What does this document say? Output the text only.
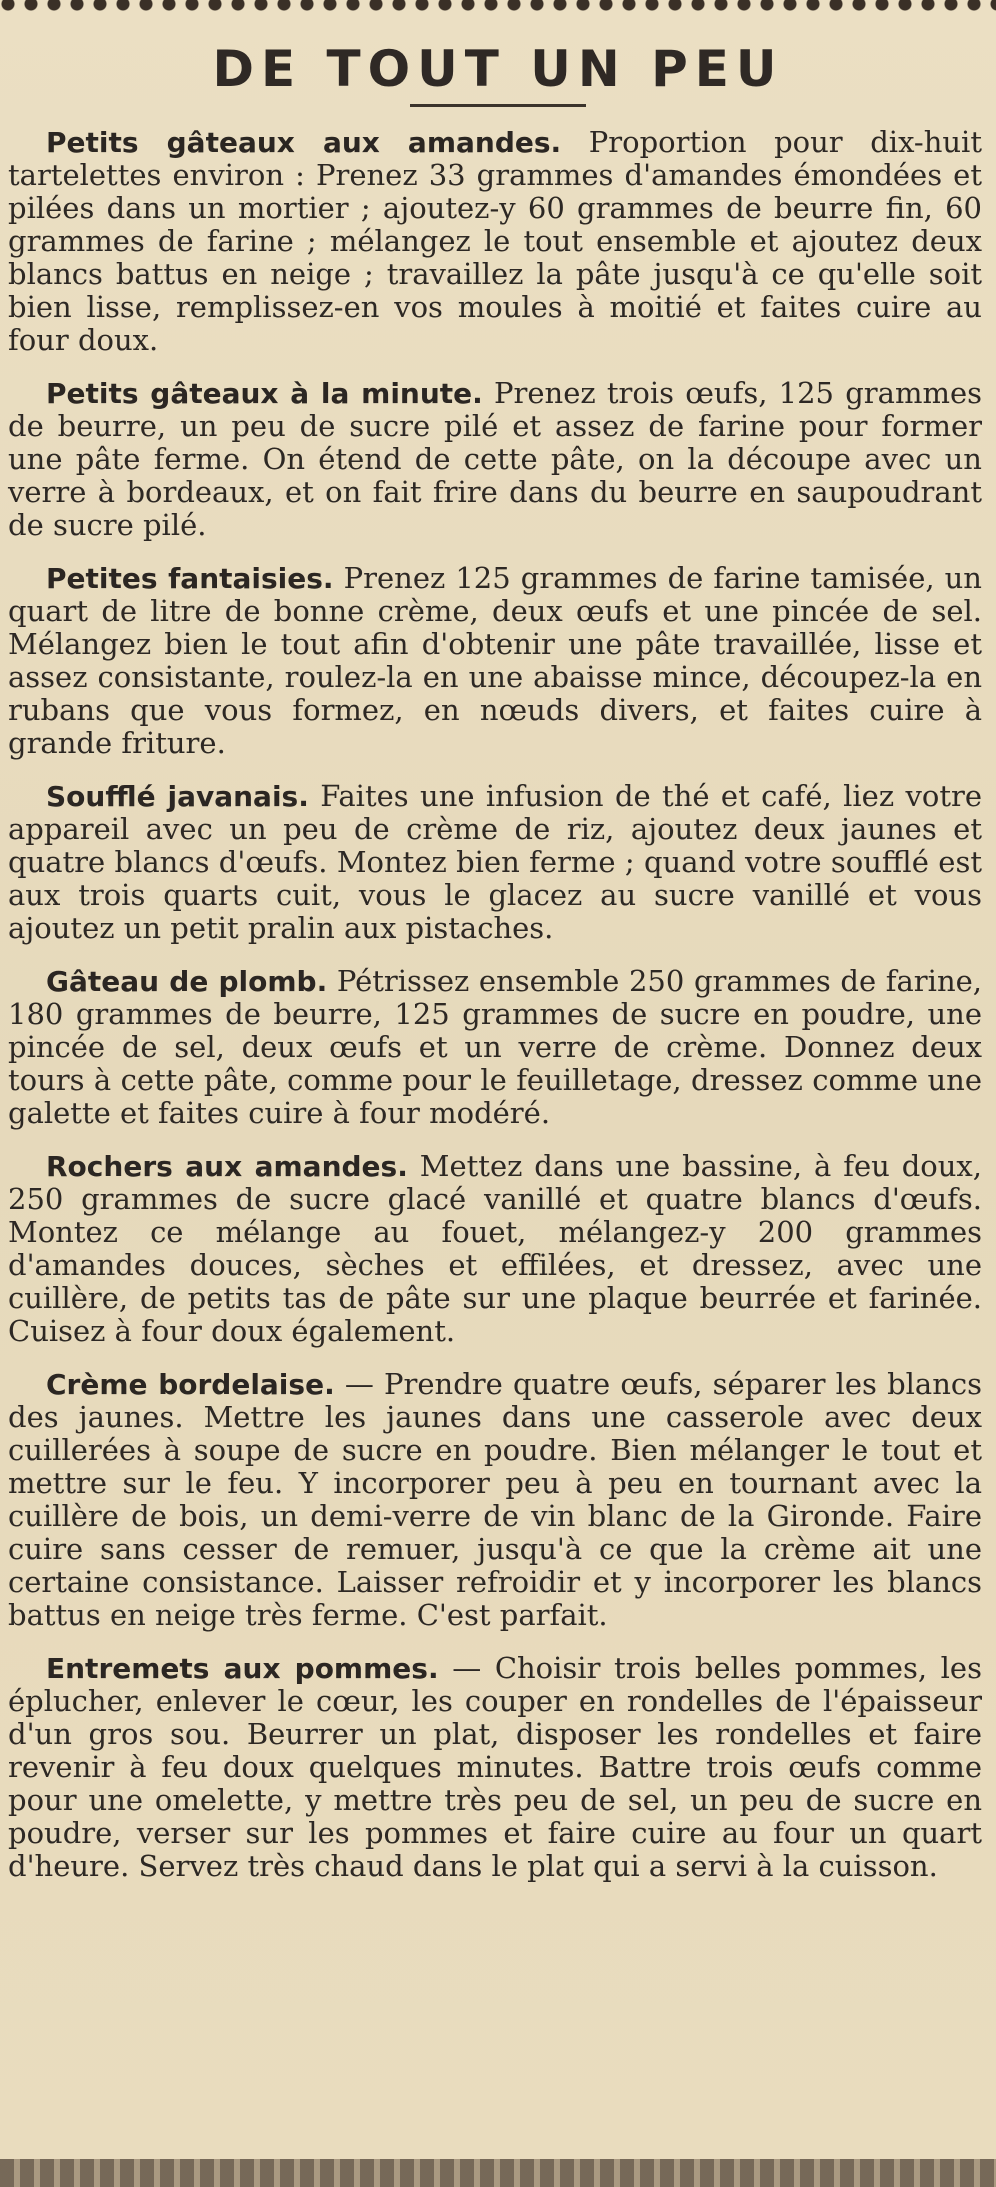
DE TOUT UN PEU

Petits gâteaux aux amandes. Proportion pour dix-huit tartelettes environ : Prenez 33 grammes d'amandes émondées et pilées dans un mortier ; ajoutez-y 60 grammes de beurre fin, 60 grammes de farine ; mélangez le tout ensemble et ajoutez deux blancs battus en neige ; travaillez la pâte jusqu'à ce qu'elle soit bien lisse, remplissez-en vos moules à moitié et faites cuire au four doux.

Petits gâteaux à la minute. Prenez trois œufs, 125 grammes de beurre, un peu de sucre pilé et assez de farine pour former une pâte ferme. On étend de cette pâte, on la découpe avec un verre à bordeaux, et on fait frire dans du beurre en saupoudrant de sucre pilé.

Petites fantaisies. Prenez 125 grammes de farine tamisée, un quart de litre de bonne crème, deux œufs et une pincée de sel. Mélangez bien le tout afin d'obtenir une pâte travaillée, lisse et assez consistante, roulez-la en une abaisse mince, découpez-la en rubans que vous formez, en nœuds divers, et faites cuire à grande friture.

Soufflé javanais. Faites une infusion de thé et café, liez votre appareil avec un peu de crème de riz, ajoutez deux jaunes et quatre blancs d'œufs. Montez bien ferme ; quand votre soufflé est aux trois quarts cuit, vous le glacez au sucre vanillé et vous ajoutez un petit pralin aux pistaches.

Gâteau de plomb. Pétrissez ensemble 250 grammes de farine, 180 grammes de beurre, 125 grammes de sucre en poudre, une pincée de sel, deux œufs et un verre de crème. Donnez deux tours à cette pâte, comme pour le feuilletage, dressez comme une galette et faites cuire à four modéré.

Rochers aux amandes. Mettez dans une bassine, à feu doux, 250 grammes de sucre glacé vanillé et quatre blancs d'œufs. Montez ce mélange au fouet, mélangez-y 200 grammes d'amandes douces, sèches et effilées, et dressez, avec une cuillère, de petits tas de pâte sur une plaque beurrée et farinée. Cuisez à four doux également.

Crème bordelaise. — Prendre quatre œufs, séparer les blancs des jaunes. Mettre les jaunes dans une casserole avec deux cuillerées à soupe de sucre en poudre. Bien mélanger le tout et mettre sur le feu. Y incorporer peu à peu en tournant avec la cuillère de bois, un demi-verre de vin blanc de la Gironde. Faire cuire sans cesser de remuer, jusqu'à ce que la crème ait une certaine consistance. Laisser refroidir et y incorporer les blancs battus en neige très ferme. C'est parfait.

Entremets aux pommes. — Choisir trois belles pommes, les éplucher, enlever le cœur, les couper en rondelles de l'épaisseur d'un gros sou. Beurrer un plat, disposer les rondelles et faire revenir à feu doux quelques minutes. Battre trois œufs comme pour une omelette, y mettre très peu de sel, un peu de sucre en poudre, verser sur les pommes et faire cuire au four un quart d'heure. Servez très chaud dans le plat qui a servi à la cuisson.
